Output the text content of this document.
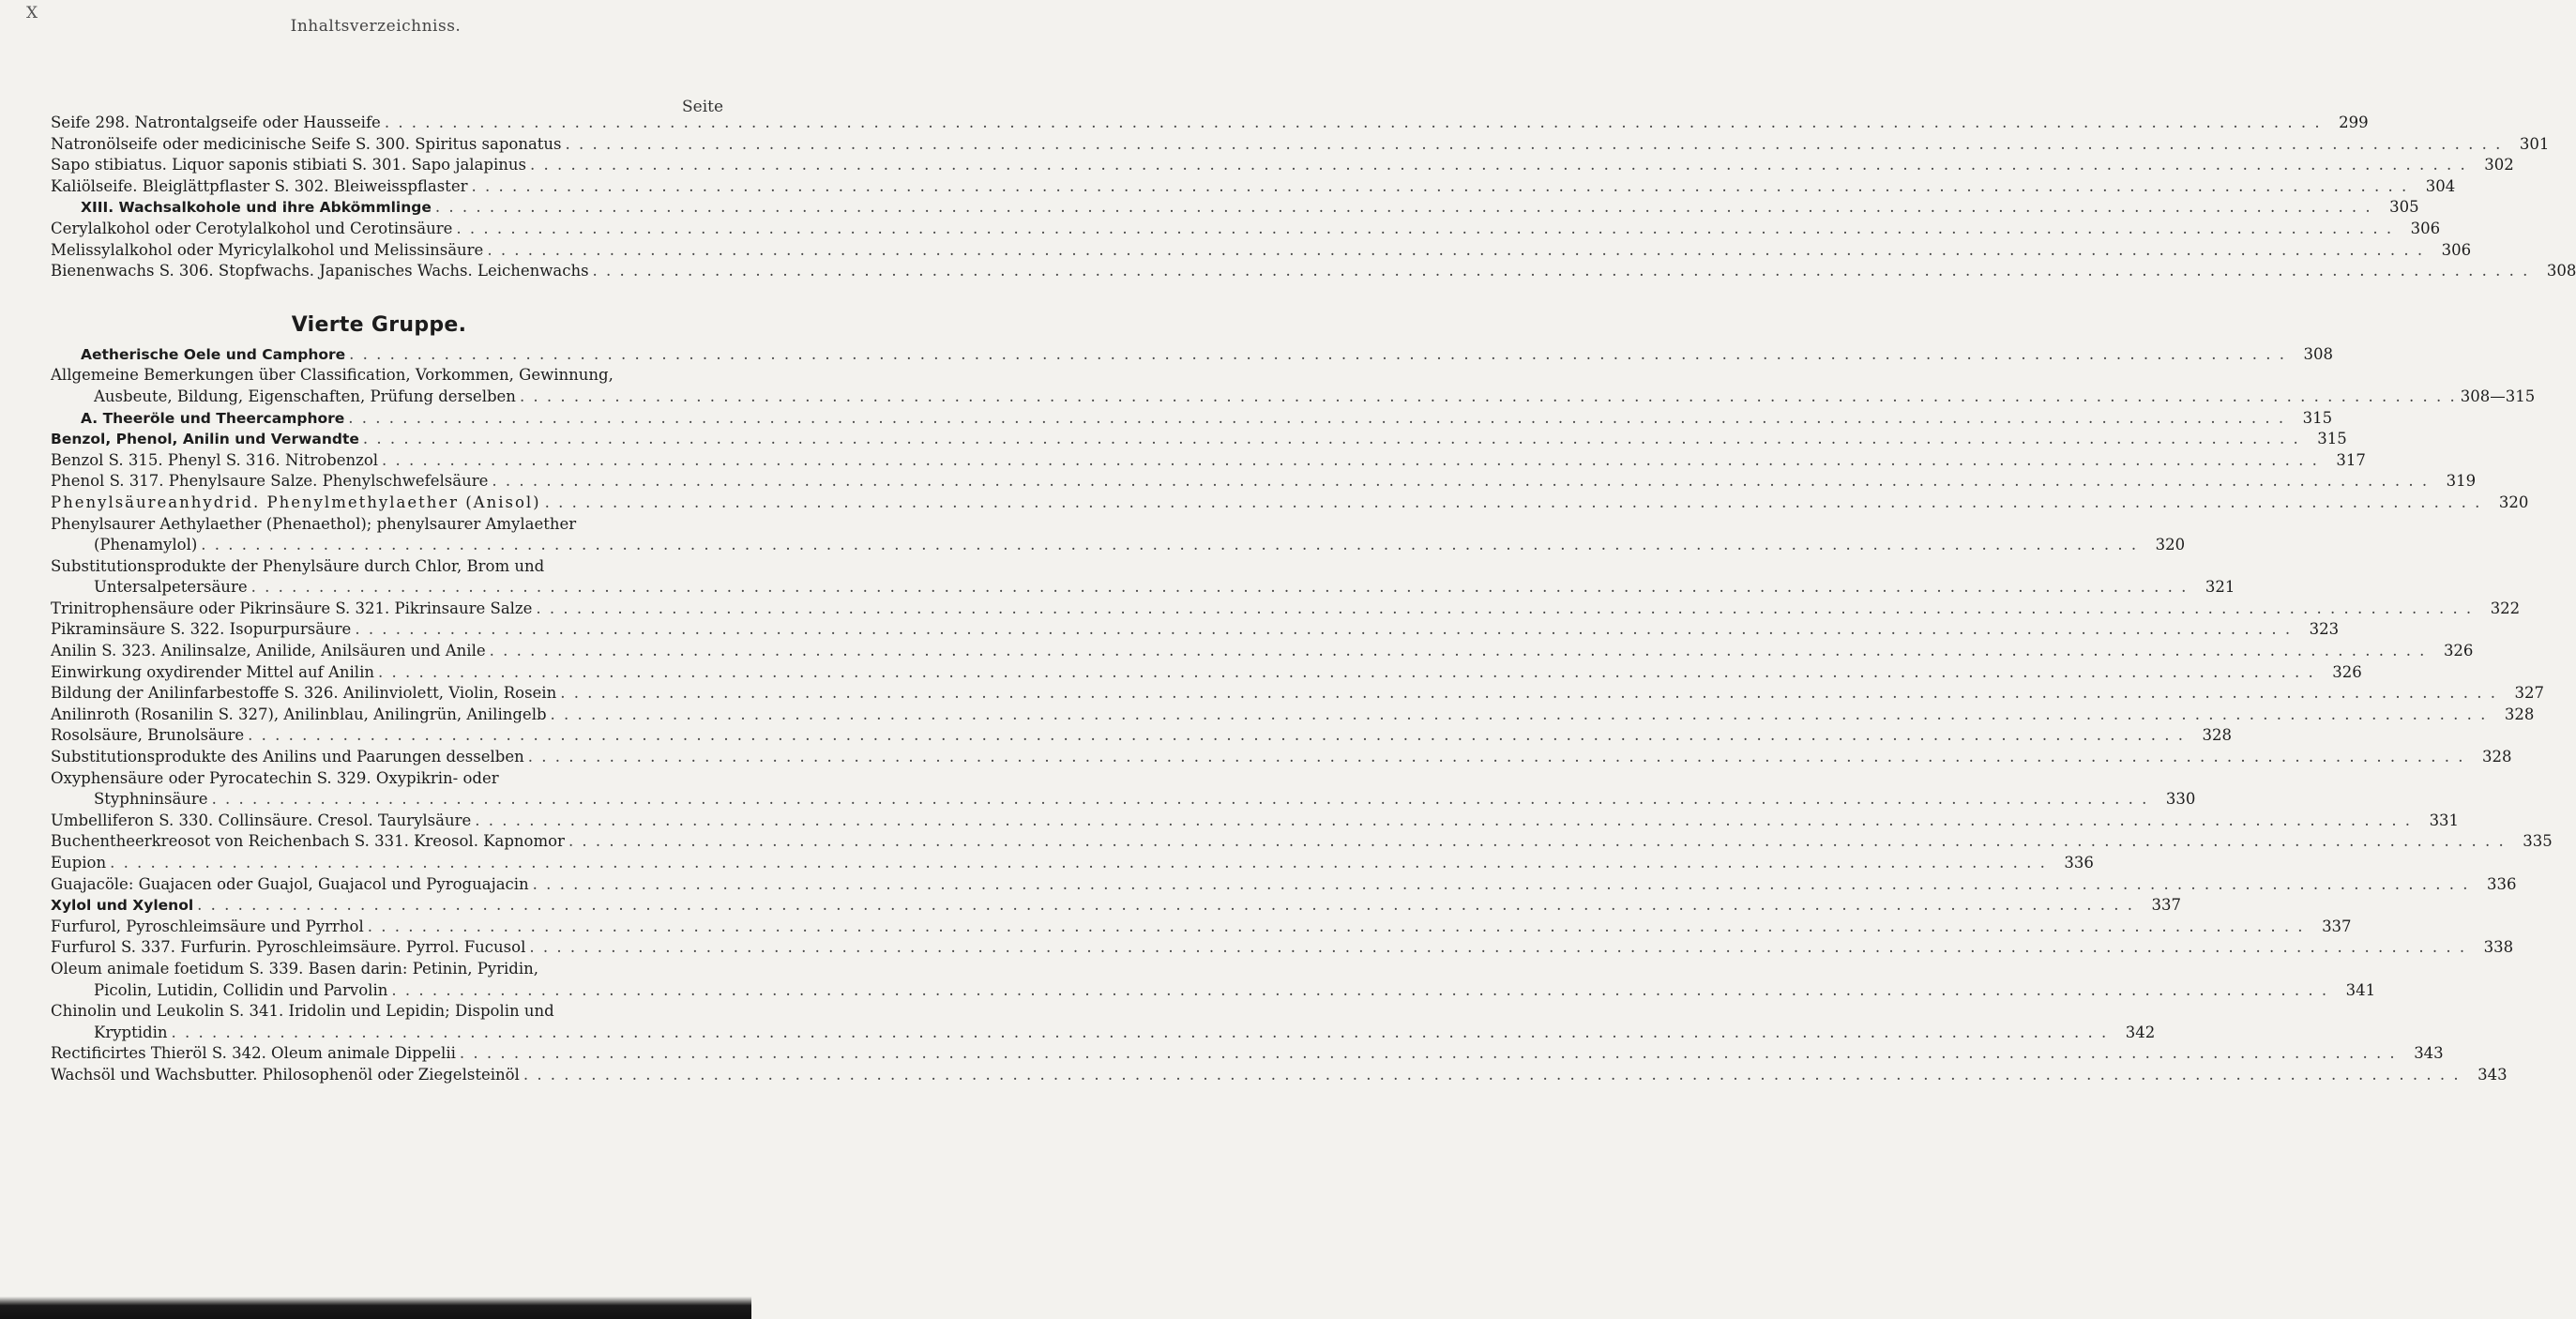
X
Inhaltsverzeichniss.
Seite
Seife 298. Natrontalgseife oder Hausseife . . .	299
Natronölseife oder medicinische Seife S. 300. Spiritus saponatus . . .	301
Sapo stibiatus. Liquor saponis stibiati S. 301. Sapo jalapinus . . .	302
Kaliölseife. Bleiglättpflaster S. 302. Bleiweisspflaster . . .	304
XIII. Wachsalkohole und ihre Abkömmlinge . . .	305
Cerylalkohol oder Cerotylalkohol und Cerotinsäure . . .	306
Melissylalkohol oder Myricylalkohol und Melissinsäure . . .	306
Bienenwachs S. 306. Stopfwachs. Japanisches Wachs. Leichenwachs . . .	308
Vierte Gruppe.
Aetherische Oele und Camphore . . .	308
Allgemeine Bemerkungen über Classification, Vorkommen, Gewinnung,
Ausbeute, Bildung, Eigenschaften, Prüfung derselben . . .	308—315
A. Theeröle und Theercamphore . . .	315
Benzol, Phenol, Anilin und Verwandte . . .	315
Benzol S. 315. Phenyl S. 316. Nitrobenzol . . .	317
Phenol S. 317. Phenylsaure Salze. Phenylschwefelsäure . . .	319
Phenylsäureanhydrid. Phenylmethylaether (Anisol) . . .	320
Phenylsaurer Aethylaether (Phenaethol); phenylsaurer Amylaether
(Phenamylol) . . .	320
Substitutionsprodukte der Phenylsäure durch Chlor, Brom und
Untersalpetersäure . . .	321
Trinitrophensäure oder Pikrinsäure S. 321. Pikrinsaure Salze . . .	322
Pikraminsäure S. 322. Isopurpursäure . . .	323
Anilin S. 323. Anilinsalze, Anilide, Anilsäuren und Anile . . .	326
Einwirkung oxydirender Mittel auf Anilin . . .	326
Bildung der Anilinfarbestoffe S. 326. Anilinviolett, Violin, Rosein . . .	327
Anilinroth (Rosanilin S. 327), Anilinblau, Anilingrün, Anilingelb . . .	328
Rosolsäure, Brunolsäure . . .	328
Substitutionsprodukte des Anilins und Paarungen desselben . . .	328
Oxyphensäure oder Pyrocatechin S. 329. Oxypikrin- oder
Styphninsäure . . .	330
Umbelliferon S. 330. Collinsäure. Cresol. Taurylsäure . . .	331
Buchentheerkreosot von Reichenbach S. 331. Kreosol. Kapnomor . . .	335
Eupion . . .	336
Guajacöle: Guajacen oder Guajol, Guajacol und Pyroguajacin . . .	336
Xylol und Xylenol . . .	337
Furfurol, Pyroschleimsäure und Pyrrhol . . .	337
Furfurol S. 337. Furfurin. Pyroschleimsäure. Pyrrol. Fucusol . . .	338
Oleum animale foetidum S. 339. Basen darin: Petinin, Pyridin,
Picolin, Lutidin, Collidin und Parvolin . . .	341
Chinolin und Leukolin S. 341. Iridolin und Lepidin; Dispolin und
Kryptidin . . .	342
Rectificirtes Thieröl S. 342. Oleum animale Dippelii . . .	343
Wachsöl und Wachsbutter. Philosophenöl oder Ziegelsteinöl . . .	343
